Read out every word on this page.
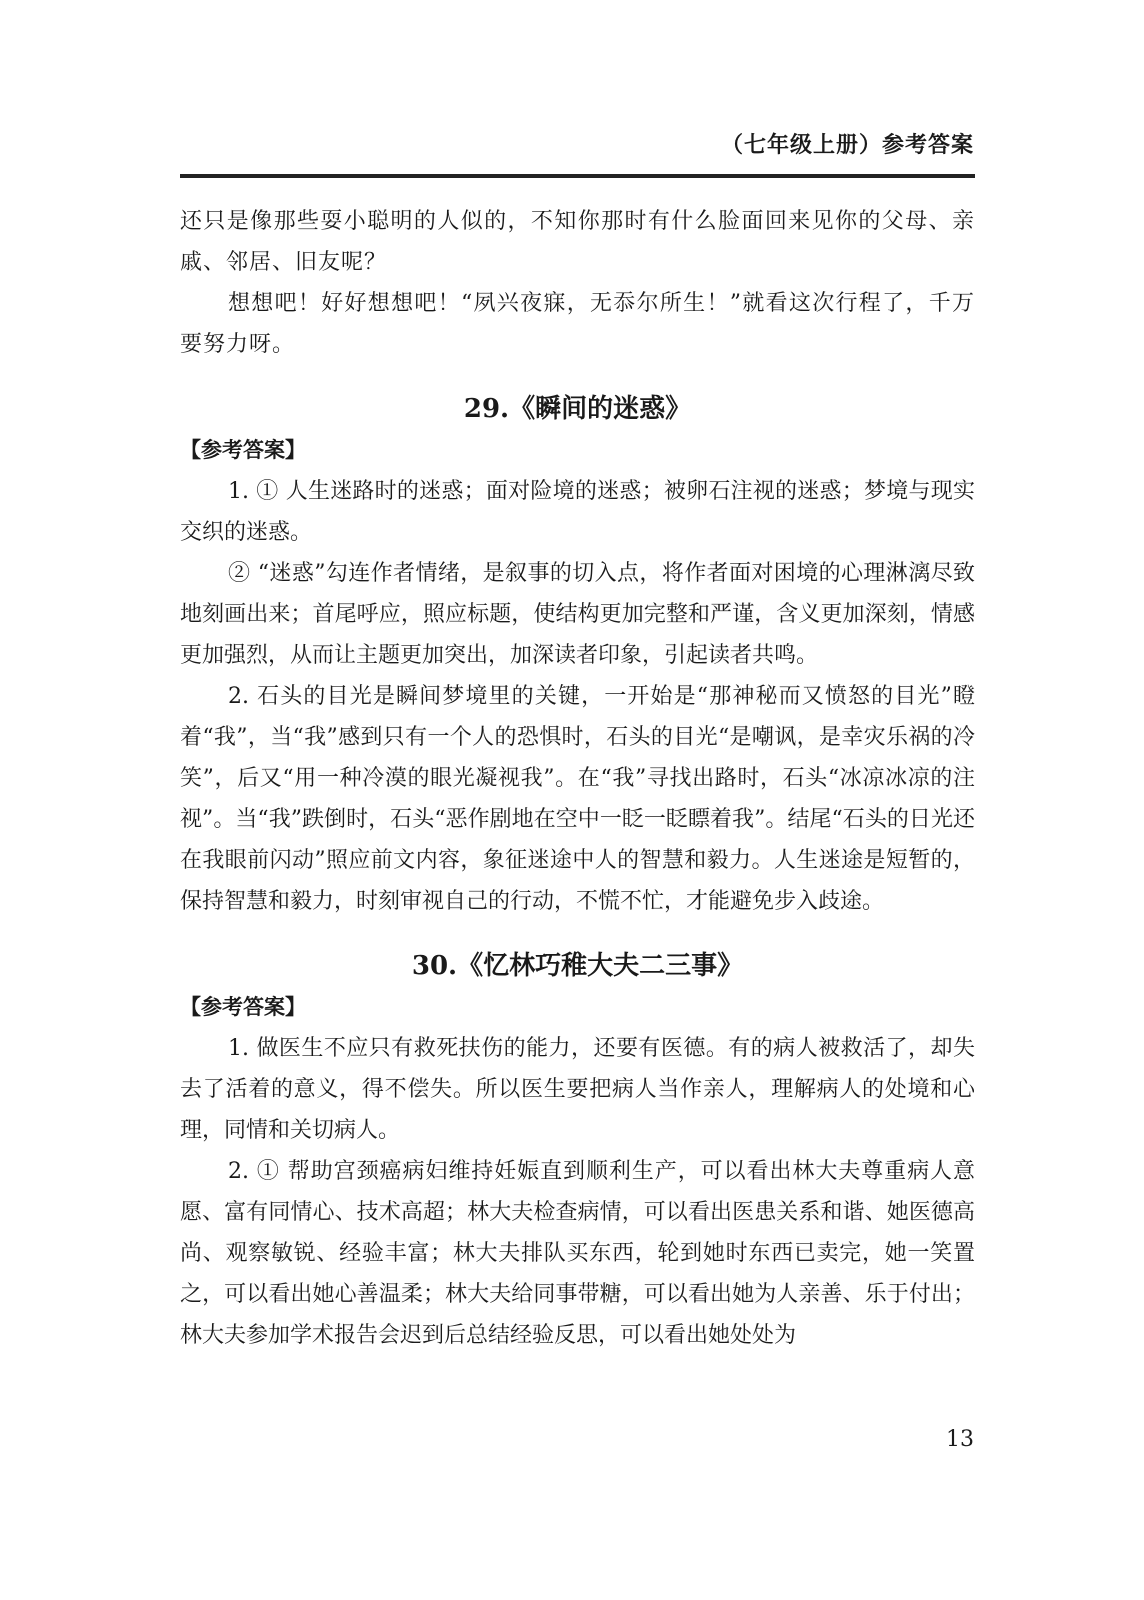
（七年级上册）参考答案

还只是像那些耍小聪明的人似的，不知你那时有什么脸面回来见你的父母、亲戚、邻居、旧友呢？

想想吧！好好想想吧！“夙兴夜寐，无忝尔所生！”就看这次行程了，千万要努力呀。

29.《瞬间的迷惑》
【参考答案】

1. ① 人生迷路时的迷惑；面对险境的迷惑；被卵石注视的迷惑；梦境与现实交织的迷惑。

② “迷惑”勾连作者情绪，是叙事的切入点，将作者面对困境的心理淋漓尽致地刻画出来；首尾呼应，照应标题，使结构更加完整和严谨，含义更加深刻，情感更加强烈，从而让主题更加突出，加深读者印象，引起读者共鸣。

2. 石头的目光是瞬间梦境里的关键，一开始是“那神秘而又愤怒的目光”瞪着“我”，当“我”感到只有一个人的恐惧时，石头的目光“是嘲讽，是幸灾乐祸的冷笑”，后又“用一种冷漠的眼光凝视我”。在“我”寻找出路时，石头“冰凉冰凉的注视”。当“我”跌倒时，石头“恶作剧地在空中一眨一眨瞟着我”。结尾“石头的日光还在我眼前闪动”照应前文内容，象征迷途中人的智慧和毅力。人生迷途是短暂的，保持智慧和毅力，时刻审视自己的行动，不慌不忙，才能避免步入歧途。

30.《忆林巧稚大夫二三事》
【参考答案】

1. 做医生不应只有救死扶伤的能力，还要有医德。有的病人被救活了，却失去了活着的意义，得不偿失。所以医生要把病人当作亲人，理解病人的处境和心理，同情和关切病人。

2. ① 帮助宫颈癌病妇维持妊娠直到顺利生产，可以看出林大夫尊重病人意愿、富有同情心、技术高超；林大夫检查病情，可以看出医患关系和谐、她医德高尚、观察敏锐、经验丰富；林大夫排队买东西，轮到她时东西已卖完，她一笑置之，可以看出她心善温柔；林大夫给同事带糖，可以看出她为人亲善、乐于付出；林大夫参加学术报告会迟到后总结经验反思，可以看出她处处为

13
